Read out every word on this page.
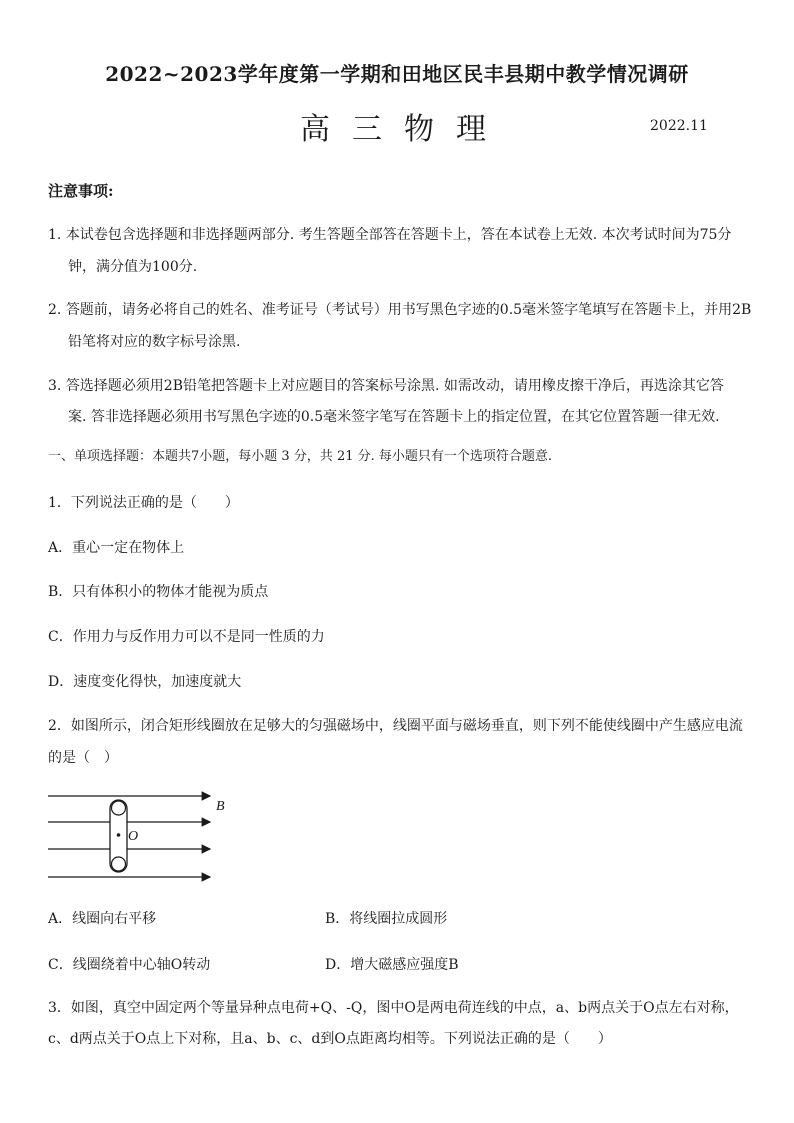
2022~2023学年度第一学期和田地区民丰县期中教学情况调研
高三物理	2022.11
注意事项:
1. 本试卷包含选择题和非选择题两部分. 考生答题全部答在答题卡上，答在本试卷上无效. 本次考试时间为75分
钟，满分值为100分.
2. 答题前，请务必将自己的姓名、准考证号（考试号）用书写黑色字迹的0.5毫米签字笔填写在答题卡上，并用2B
铅笔将对应的数字标号涂黑.
3. 答选择题必须用2B铅笔把答题卡上对应题目的答案标号涂黑. 如需改动，请用橡皮擦干净后，再选涂其它答
案. 答非选择题必须用书写黑色字迹的0.5毫米签字笔写在答题卡上的指定位置，在其它位置答题一律无效.
一、单项选择题：本题共7小题，每小题 3 分，共 21 分. 每小题只有一个选项符合题意.
1．下列说法正确的是（　　）
A．重心一定在物体上
B．只有体积小的物体才能视为质点
C．作用力与反作用力可以不是同一性质的力
D．速度变化得快，加速度就大
2．如图所示，闭合矩形线圈放在足够大的匀强磁场中，线圈平面与磁场垂直，则下列不能使线圈中产生感应电流
的是（　）
O
B
A．线圈向右平移	B．将线圈拉成圆形
C．线圈绕着中心轴O转动	D．增大磁感应强度B
3．如图，真空中固定两个等量异种点电荷+Q、-Q，图中O是两电荷连线的中点，a、b两点关于O点左右对称，
c、d两点关于O点上下对称，且a、b、c、d到O点距离均相等。下列说法正确的是（　　）
